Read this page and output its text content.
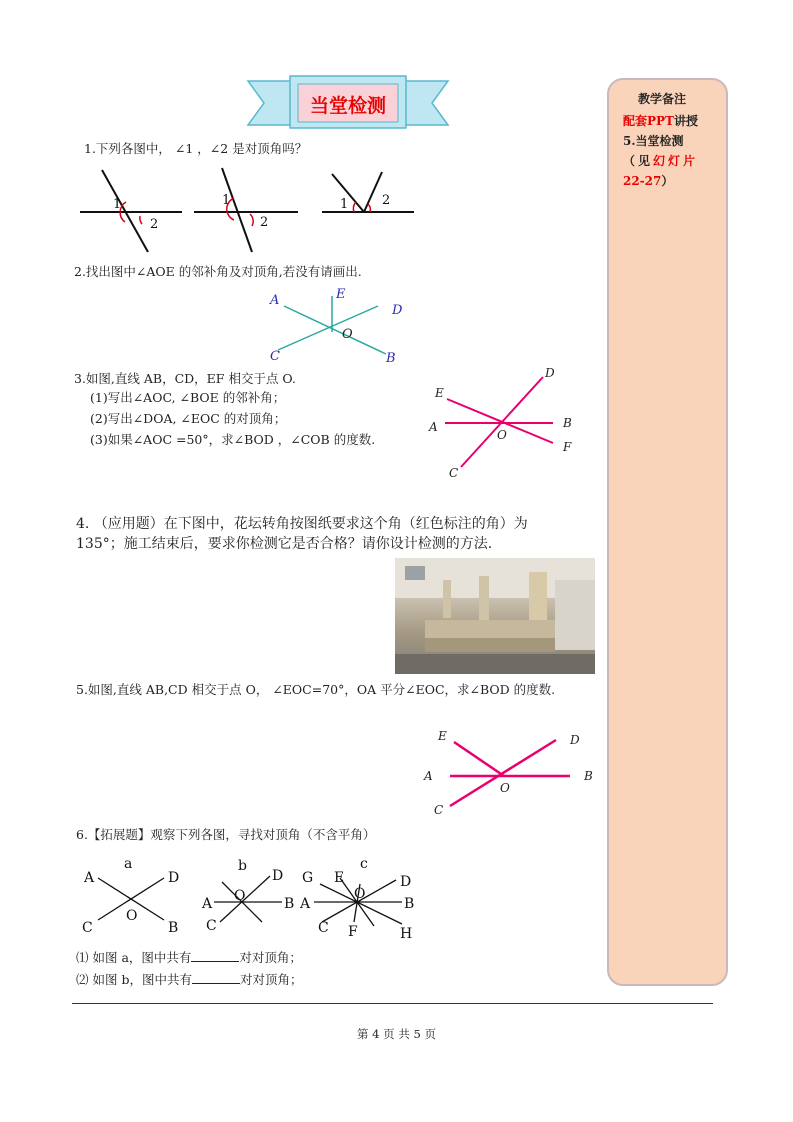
当堂检测	教学备注
配套PPT讲授
5.当堂检测
（见幻灯片
22-27）
1.下列各图中， ∠1 ，∠2 是对顶角吗？
1
2
1
2
1	2
2.找出图中∠AOE 的邻补角及对顶角,若没有请画出.
A	E
D
O
C	B
3.如图,直线 AB，CD，EF 相交于点 O.
(1)写出∠AOC, ∠BOE 的邻补角；
(2)写出∠DOA, ∠EOC 的对顶角；
(3)如果∠AOC =50°，求∠BOD ，∠COB 的度数.
D
E
A	B
O
F
C
4. （应用题）在下图中，花坛转角按图纸要求这个角（红色标注的角）为
135°；施工结束后，要求你检测它是否合格？请你设计检测的方法.
5.如图,直线 AB,CD 相交于点 O， ∠EOC=70°，OA 平分∠EOC，求∠BOD 的度数.
E	D
A	B
O
C
6.【拓展题】观察下列各图，寻找对顶角（不含平角）
a
A	D
O
C	B
b
D
O
A	B
C
c
G E	D
O
A	B
C F	H
⑴ 如图 a，图中共有	对对顶角；
⑵ 如图 b，图中共有	对对顶角；
第 4 页 共 5 页
